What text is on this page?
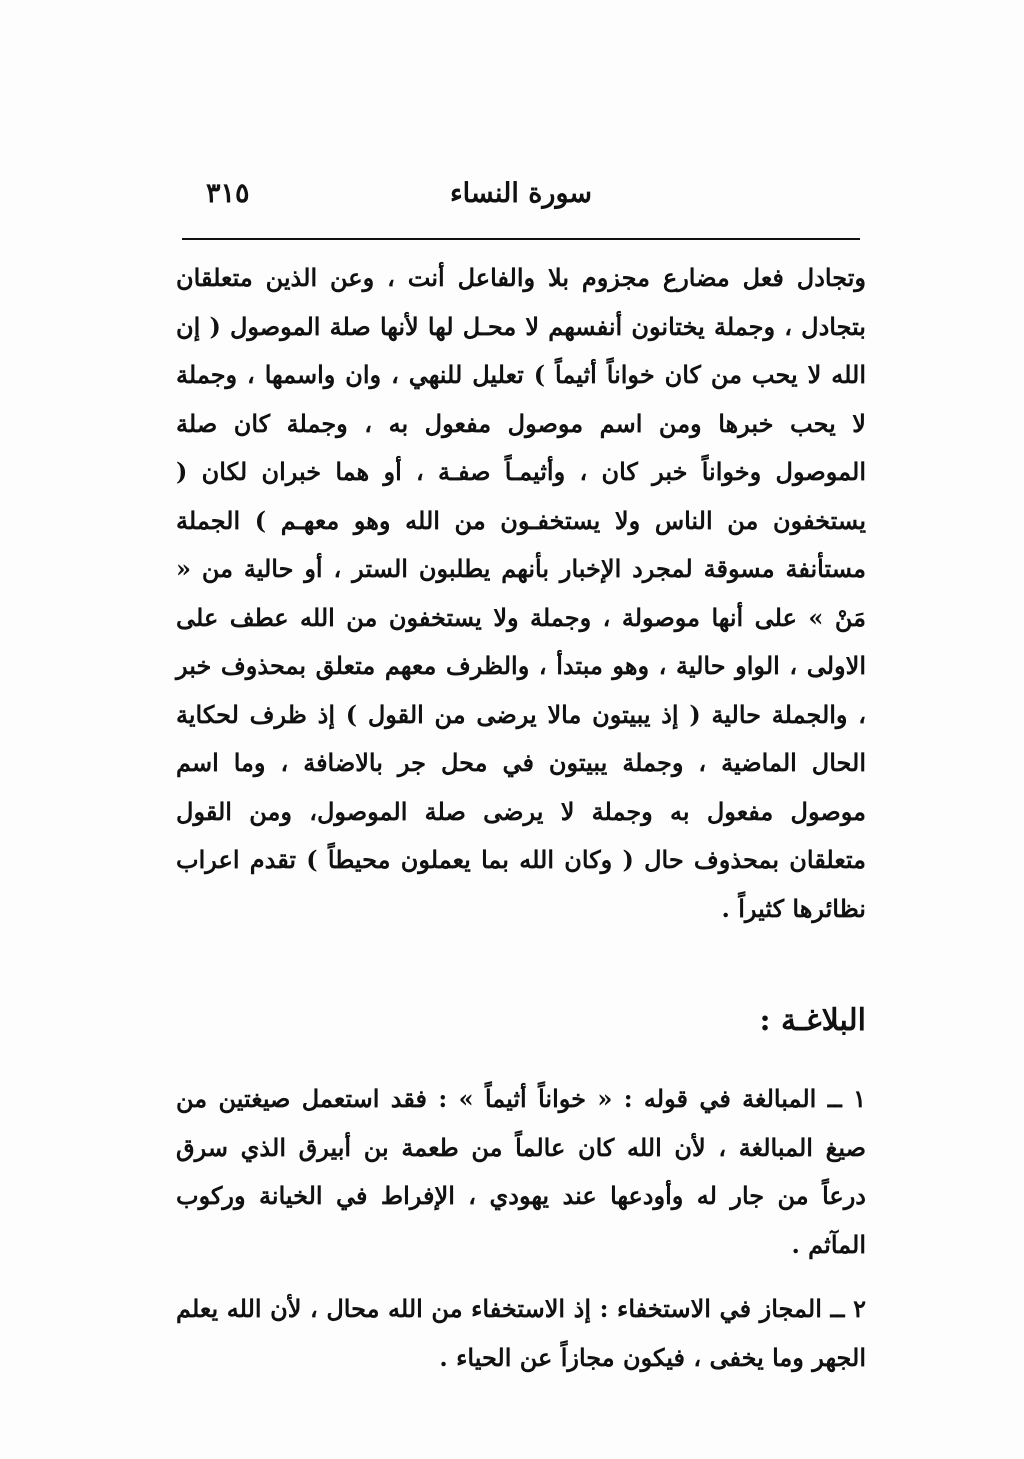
٣١٥	سورة النساء

وتجادل فعل مضارع مجزوم بلا والفاعل أنت ، وعن الذين متعلقان بتجادل ، وجملة يختانون أنفسهم لا محـل لها لأنها صلة الموصول ( إن الله لا يحب من كان خواناً أثيماً ) تعليل للنهي ، وان واسمها ، وجملة لا يحب خبرها ومن اسم موصول مفعول به ، وجملة كان صلة الموصول وخواناً خبر كان ، وأثيمـاً صفـة ، أو هما خبران لكان ( يستخفون من الناس ولا يستخفـون من الله وهو معهـم ) الجملة مستأنفة مسوقة لمجرد الإخبار بأنهم يطلبون الستر ، أو حالية من « مَنْ » على أنها موصولة ، وجملة ولا يستخفون من الله عطف على الاولى ، الواو حالية ، وهو مبتدأ ، والظرف معهم متعلق بمحذوف خبر ، والجملة حالية ( إذ يبيتون مالا يرضى من القول ) إذ ظرف لحكاية الحال الماضية ، وجملة يبيتون في محل جر بالاضافة ، وما اسم موصول مفعول به وجملة لا يرضى صلة الموصول، ومن القول متعلقان بمحذوف حال ( وكان الله بما يعملون محيطاً ) تقدم اعراب نظائرها كثيراً .

البلاغـة :

١ ــ المبالغة في قوله : « خواناً أثيماً » : فقد استعمل صيغتين من صيغ المبالغة ، لأن الله كان عالماً من طعمة بن أبيرق الذي سرق درعاً من جار له وأودعها عند يهودي ، الإفراط في الخيانة وركوب المآثم .

٢ ــ المجاز في الاستخفاء : إذ الاستخفاء من الله محال ، لأن الله يعلم الجهر وما يخفى ، فيكون مجازاً عن الحياء .
